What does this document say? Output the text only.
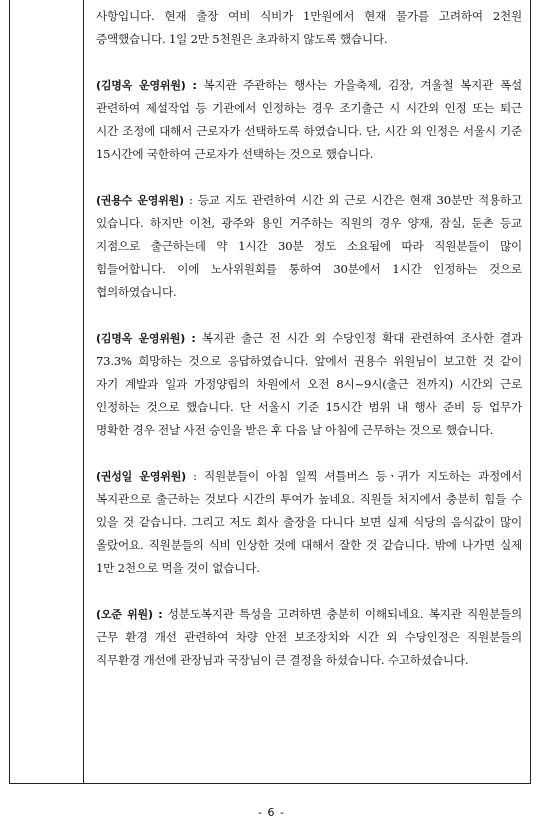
사항입니다. 현재 출장 여비 식비가 1만원에서 현재 물가를 고려하여 2천원 증액했습니다. 1일 2만 5천원은 초과하지 않도록 했습니다.

(김명옥 운영위원) : 복지관 주관하는 행사는 가을축제, 김장, 겨울철 복지관 폭설 관련하여 제설작업 등 기관에서 인정하는 경우 조기출근 시 시간외 인정 또는 퇴근 시간 조정에 대해서 근로자가 선택하도록 하였습니다. 단, 시간 외 인정은 서울시 기준 15시간에 국한하여 근로자가 선택하는 것으로 했습니다.

(권용수 운영위원) : 등교 지도 관련하여 시간 외 근로 시간은 현재 30분만 적용하고 있습니다. 하지만 이천, 광주와 용인 거주하는 직원의 경우 양재, 잠실, 둔촌 등교 지점으로 출근하는데 약 1시간 30분 정도 소요됨에 따라 직원분들이 많이 힘들어합니다. 이에 노사위원회를 통하여 30분에서 1시간 인정하는 것으로 협의하였습니다.

(김명옥 운영위원) : 복지관 출근 전 시간 외 수당인정 확대 관련하여 조사한 결과 73.3% 희망하는 것으로 응답하였습니다. 앞에서 권용수 위원님이 보고한 것 같이 자기 계발과 일과 가정양립의 차원에서 오전 8시~9시(출근 전까지) 시간외 근로 인정하는 것으로 했습니다. 단 서울시 기준 15시간 범위 내 행사 준비 등 업무가 명확한 경우 전날 사전 승인을 받은 후 다음 날 아침에 근무하는 것으로 했습니다.

(권성일 운영위원) : 직원분들이 아침 일찍 셔틀버스 등ㆍ귀가 지도하는 과정에서 복지관으로 출근하는 것보다 시간의 투여가 높네요. 직원들 처지에서 충분히 힘들 수 있을 것 같습니다. 그리고 저도 회사 출장을 다니다 보면 실제 식당의 음식값이 많이 올랐어요. 직원분들의 식비 인상한 것에 대해서 잘한 것 같습니다. 밖에 나가면 실제 1만 2천으로 먹을 것이 없습니다.

(오준 위원) : 성분도복지관 특성을 고려하면 충분히 이해되네요. 복지관 직원분들의 근무 환경 개선 관련하여 차량 안전 보조장치와 시간 외 수당인정은 직원분들의 직무환경 개선에 관장님과 국장님이 큰 결정을 하셨습니다. 수고하셨습니다.

- 6 -
